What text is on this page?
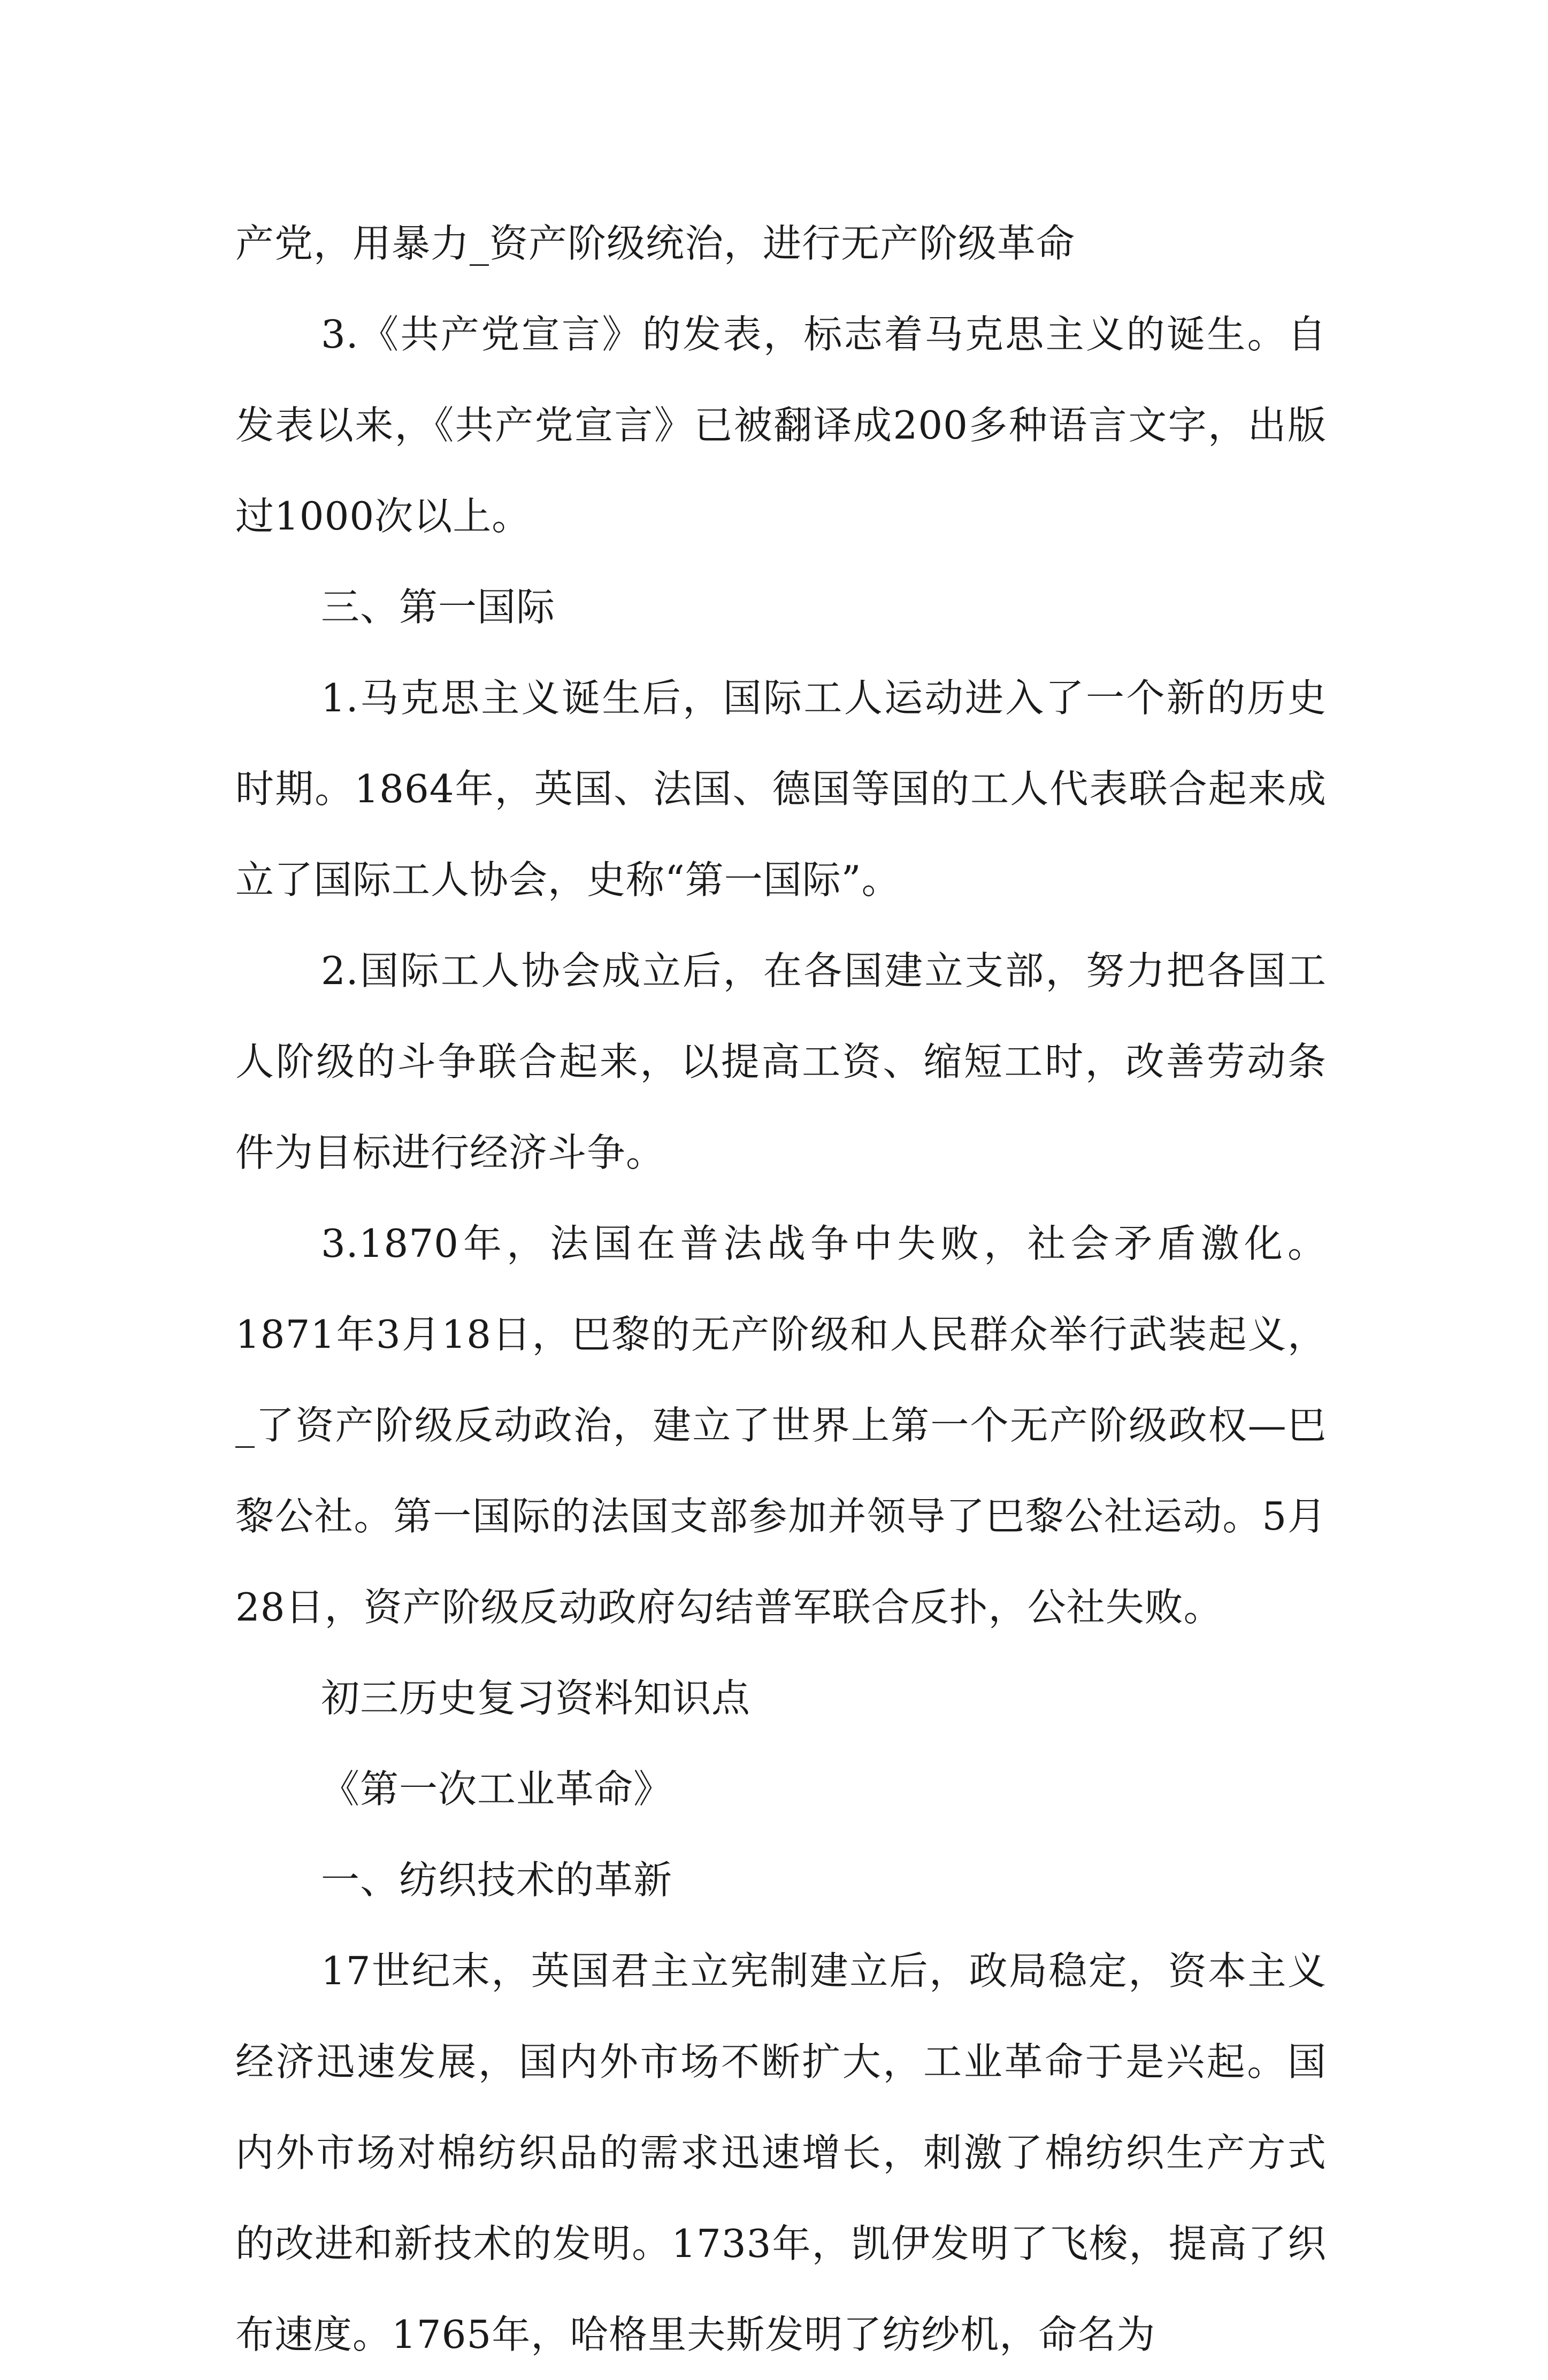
产党，用暴力_资产阶级统治，进行无产阶级革命

3.《共产党宣言》的发表，标志着马克思主义的诞生。自发表以来，《共产党宣言》已被翻译成200多种语言文字，出版过1000次以上。

三、第一国际

1.马克思主义诞生后，国际工人运动进入了一个新的历史时期。1864年，英国、法国、德国等国的工人代表联合起来成立了国际工人协会，史称“第一国际”。

2.国际工人协会成立后，在各国建立支部，努力把各国工人阶级的斗争联合起来，以提高工资、缩短工时，改善劳动条件为目标进行经济斗争。

3.1870年，法国在普法战争中失败，社会矛盾激化。1871年3月18日，巴黎的无产阶级和人民群众举行武装起义，_了资产阶级反动政治，建立了世界上第一个无产阶级政权—巴黎公社。第一国际的法国支部参加并领导了巴黎公社运动。5月28日，资产阶级反动政府勾结普军联合反扑，公社失败。

初三历史复习资料知识点

《第一次工业革命》

一、纺织技术的革新

17世纪末，英国君主立宪制建立后，政局稳定，资本主义经济迅速发展，国内外市场不断扩大，工业革命于是兴起。国内外市场对棉纺织品的需求迅速增长，刺激了棉纺织生产方式的改进和新技术的发明。1733年，凯伊发明了飞梭，提高了织布速度。1765年，哈格里夫斯发明了纺纱机，命名为
